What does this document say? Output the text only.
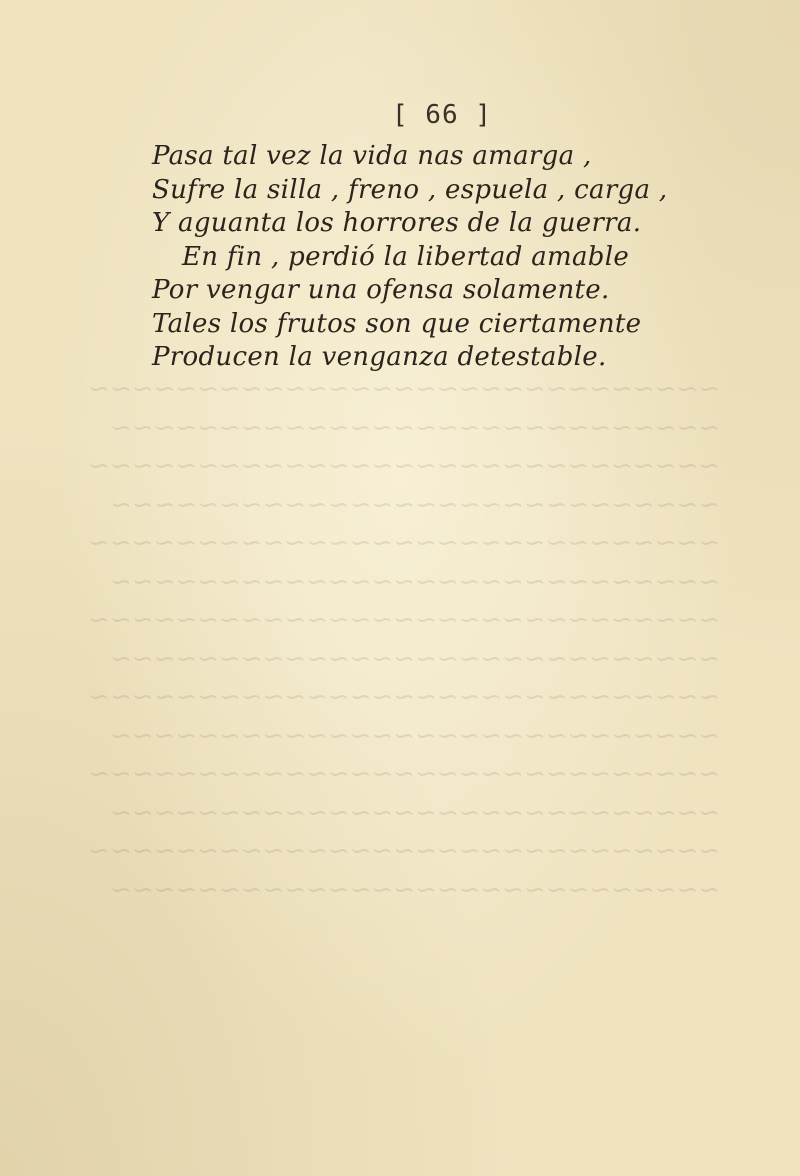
[ 66 ]
Pasa tal vez la vida nas amarga ,
Sufre la silla , freno , espuela , carga ,
Y aguanta los horrores de la guerra.
En fin , perdió la libertad amable
Por vengar una ofensa solamente.
Tales los frutos son que ciertamente
Producen la venganza detestable.
~~~~~~~~~~~~~~~~~~~~~~~~~~~~~
~~~~~~~~~~~~~~~~~~~~~~~~~~~~
~~~~~~~~~~~~~~~~~~~~~~~~~~~~~
~~~~~~~~~~~~~~~~~~~~~~~~~~~~
~~~~~~~~~~~~~~~~~~~~~~~~~~~~~
~~~~~~~~~~~~~~~~~~~~~~~~~~~~
~~~~~~~~~~~~~~~~~~~~~~~~~~~~~
~~~~~~~~~~~~~~~~~~~~~~~~~~~~
~~~~~~~~~~~~~~~~~~~~~~~~~~~~~
~~~~~~~~~~~~~~~~~~~~~~~~~~~~
~~~~~~~~~~~~~~~~~~~~~~~~~~~~~
~~~~~~~~~~~~~~~~~~~~~~~~~~~~
~~~~~~~~~~~~~~~~~~~~~~~~~~~~~
~~~~~~~~~~~~~~~~~~~~~~~~~~~~
